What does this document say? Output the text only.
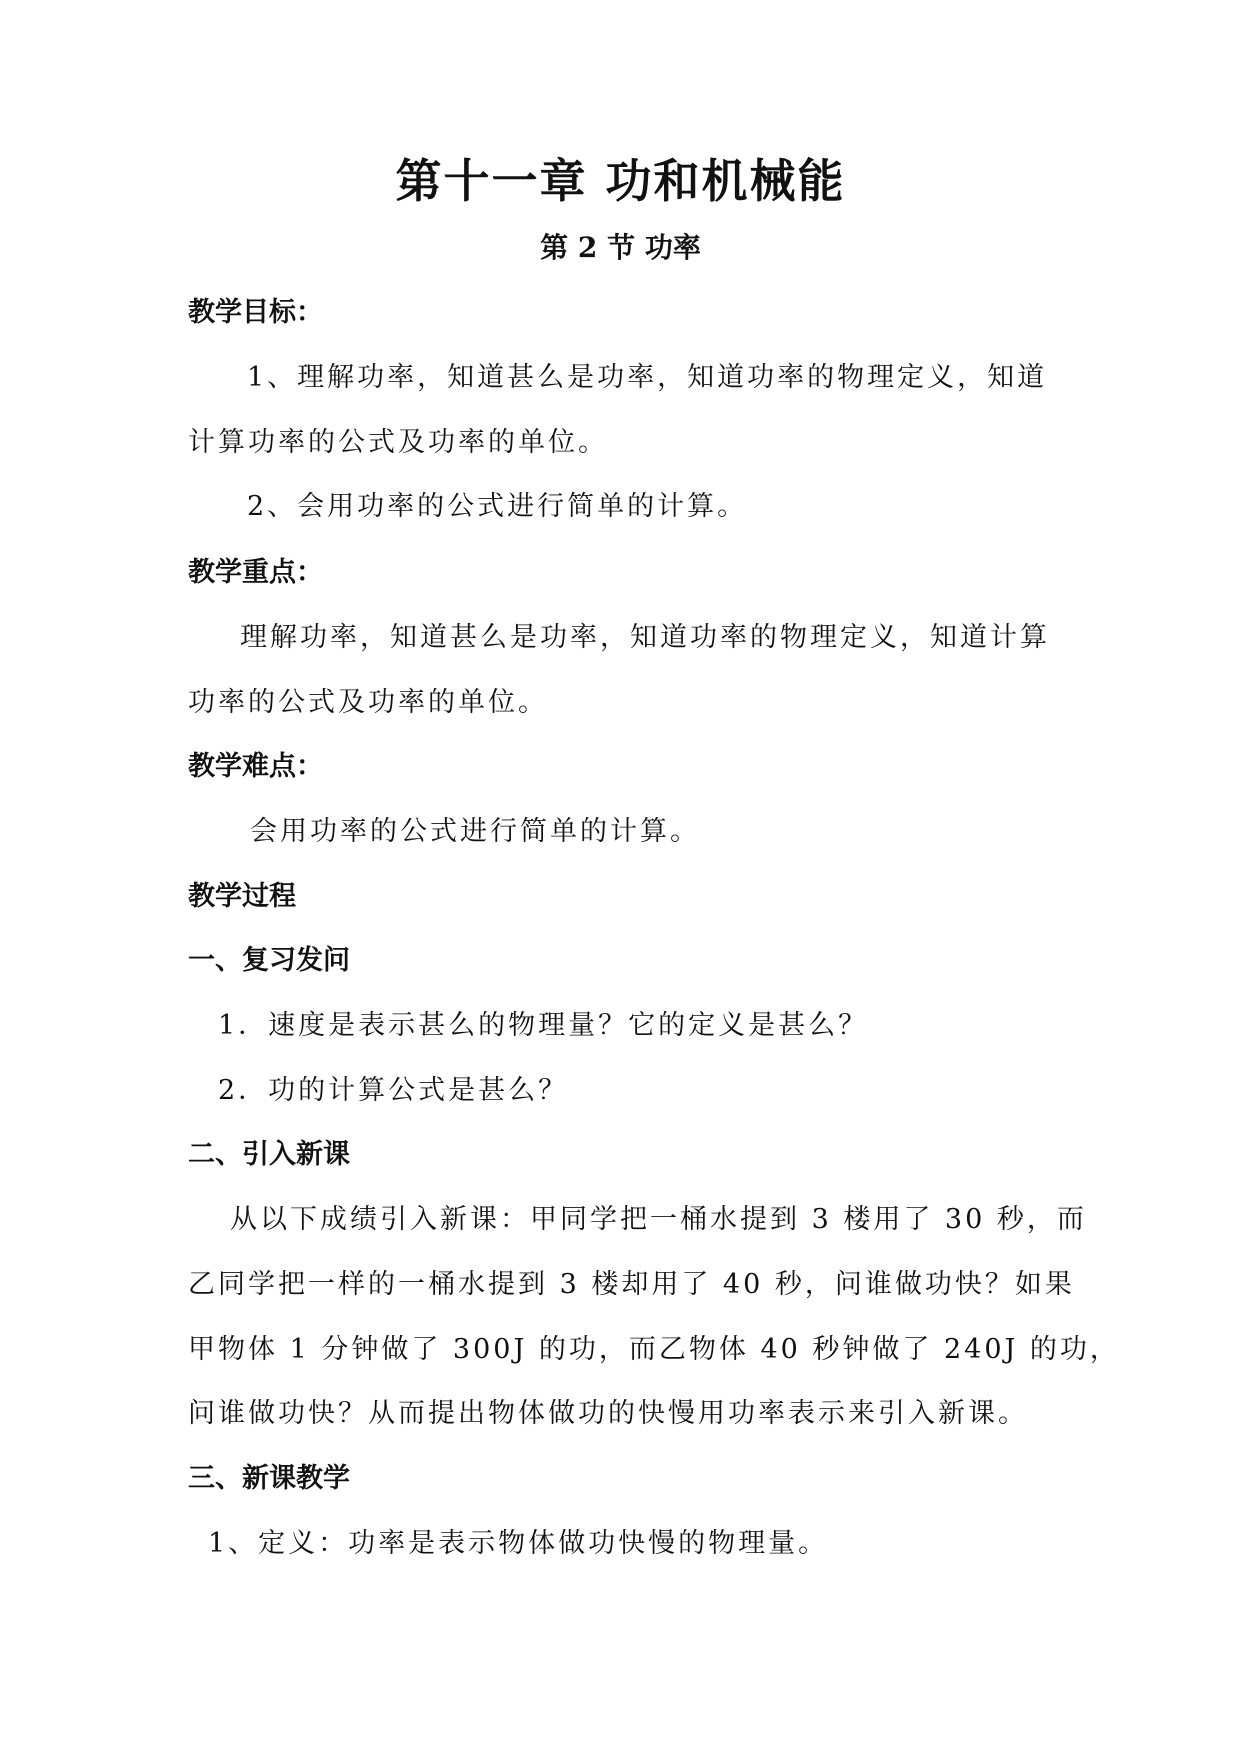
第十一章 功和机械能
第 2 节 功率
教学目标：
1、理解功率，知道甚么是功率，知道功率的物理定义，知道
计算功率的公式及功率的单位。
2、会用功率的公式进行简单的计算。
教学重点：
理解功率，知道甚么是功率，知道功率的物理定义，知道计算
功率的公式及功率的单位。
教学难点：
会用功率的公式进行简单的计算。
教学过程
一、复习发问
1．速度是表示甚么的物理量？它的定义是甚么？
2．功的计算公式是甚么？
二、引入新课
从以下成绩引入新课：甲同学把一桶水提到 3 楼用了 30 秒，而
乙同学把一样的一桶水提到 3 楼却用了 40 秒，问谁做功快？如果
甲物体 1 分钟做了 300J 的功，而乙物体 40 秒钟做了 240J 的功，
问谁做功快？从而提出物体做功的快慢用功率表示来引入新课。
三、新课教学
1、定义：功率是表示物体做功快慢的物理量。
